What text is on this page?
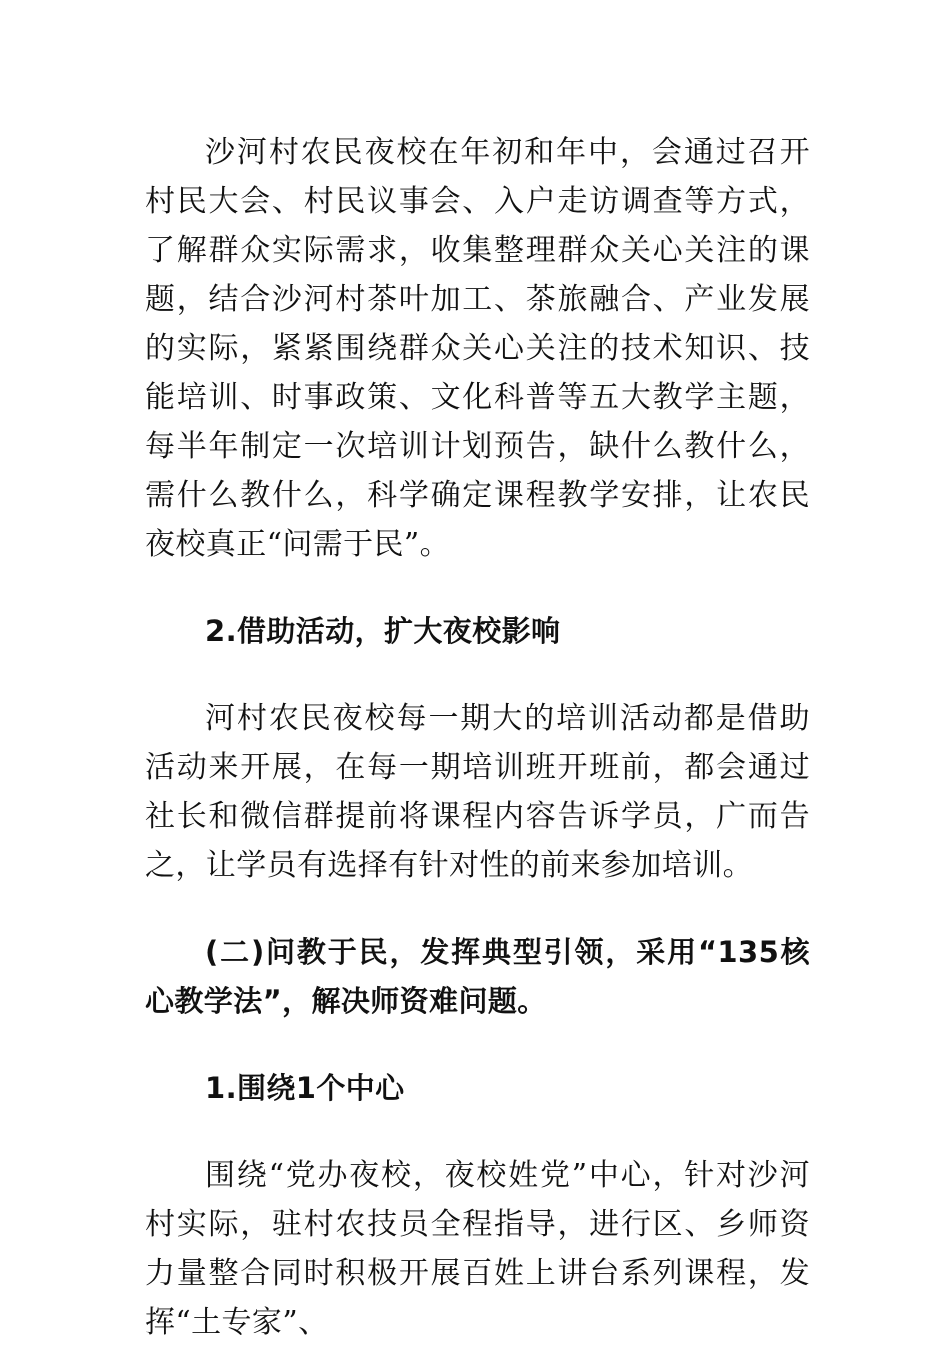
沙河村农民夜校在年初和年中，会通过召开村民大会、村民议事会、入户走访调查等方式，了解群众实际需求，收集整理群众关心关注的课题，结合沙河村茶叶加工、茶旅融合、产业发展的实际，紧紧围绕群众关心关注的技术知识、技能培训、时事政策、文化科普等五大教学主题，每半年制定一次培训计划预告，缺什么教什么，需什么教什么，科学确定课程教学安排，让农民夜校真正“问需于民”。

2.借助活动，扩大夜校影响

河村农民夜校每一期大的培训活动都是借助活动来开展，在每一期培训班开班前，都会通过社长和微信群提前将课程内容告诉学员，广而告之，让学员有选择有针对性的前来参加培训。

(二)问教于民，发挥典型引领，采用“135核心教学法”，解决师资难问题。

1.围绕1个中心

围绕“党办夜校，夜校姓党”中心，针对沙河村实际，驻村农技员全程指导，进行区、乡师资力量整合同时积极开展百姓上讲台系列课程，发挥“土专家”、
